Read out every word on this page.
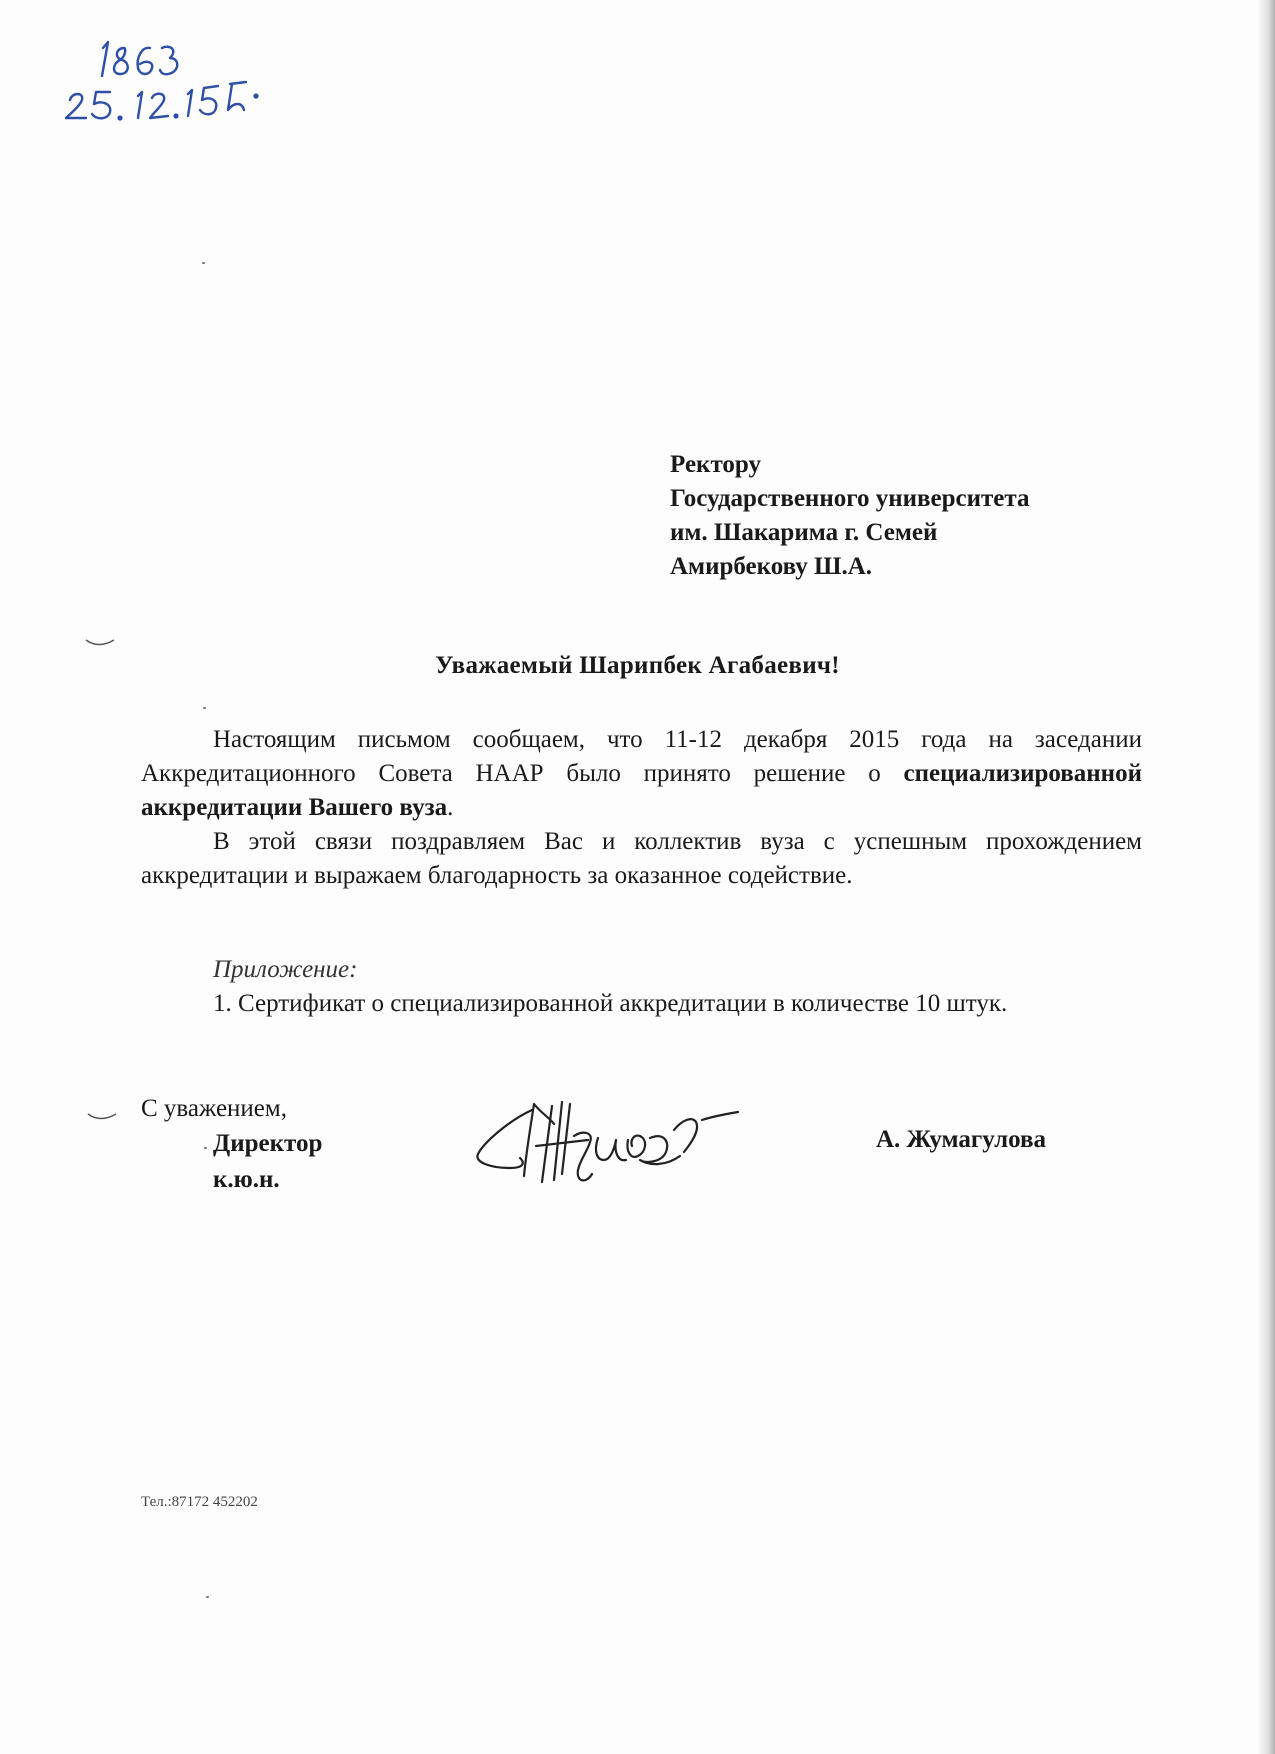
Ректору
Государственного университета
им. Шакарима г. Семей
Амирбекову Ш.А.
Уважаемый Шарипбек Агабаевич!

Настоящим письмом сообщаем, что 11-12 декабря 2015 года на заседании Аккредитационного Совета НААР было принято решение о специализированной аккредитации Вашего вуза.

В этой связи поздравляем Вас и коллектив вуза с успешным прохождением аккредитации и выражаем благодарность за оказанное содействие.

Приложение:
1. Сертификат о специализированной аккредитации в количестве 10 штук.
С уважением,
Директор
к.ю.н.
А. Жумагулова
Тел.:87172 452202
